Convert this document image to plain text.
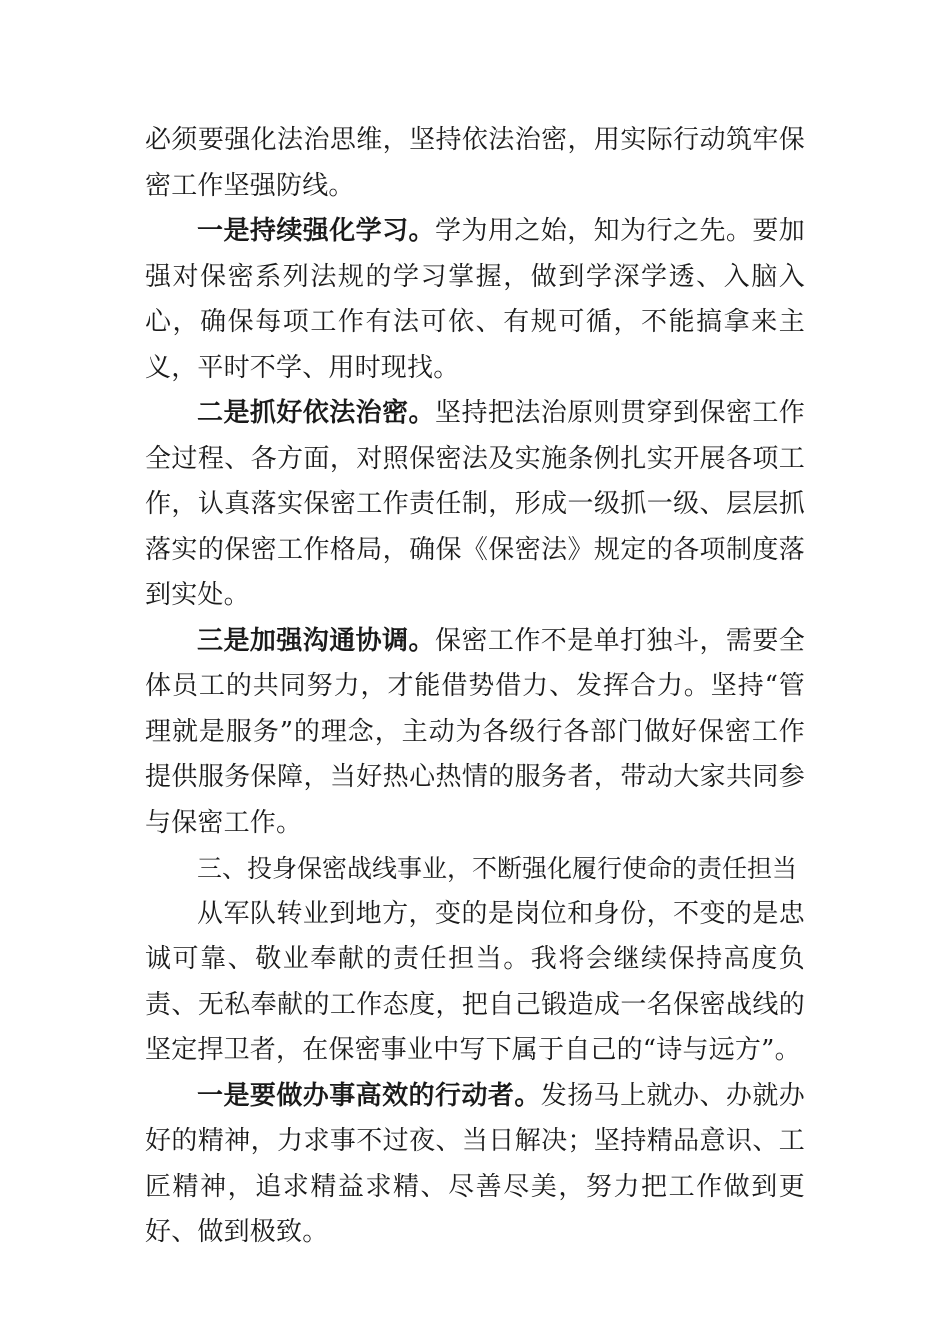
必须要强化法治思维，坚持依法治密，用实际行动筑牢保密工作坚强防线。

一是持续强化学习。学为用之始，知为行之先。要加强对保密系列法规的学习掌握，做到学深学透、入脑入心，确保每项工作有法可依、有规可循，不能搞拿来主义，平时不学、用时现找。

二是抓好依法治密。坚持把法治原则贯穿到保密工作全过程、各方面，对照保密法及实施条例扎实开展各项工作，认真落实保密工作责任制，形成一级抓一级、层层抓落实的保密工作格局，确保《保密法》规定的各项制度落到实处。

三是加强沟通协调。保密工作不是单打独斗，需要全体员工的共同努力，才能借势借力、发挥合力。坚持“管理就是服务”的理念，主动为各级行各部门做好保密工作提供服务保障，当好热心热情的服务者，带动大家共同参与保密工作。

三、投身保密战线事业，不断强化履行使命的责任担当

从军队转业到地方，变的是岗位和身份，不变的是忠诚可靠、敬业奉献的责任担当。我将会继续保持高度负责、无私奉献的工作态度，把自己锻造成一名保密战线的坚定捍卫者，在保密事业中写下属于自己的“诗与远方”。

一是要做办事高效的行动者。发扬马上就办、办就办好的精神，力求事不过夜、当日解决；坚持精品意识、工匠精神，追求精益求精、尽善尽美，努力把工作做到更好、做到极致。
